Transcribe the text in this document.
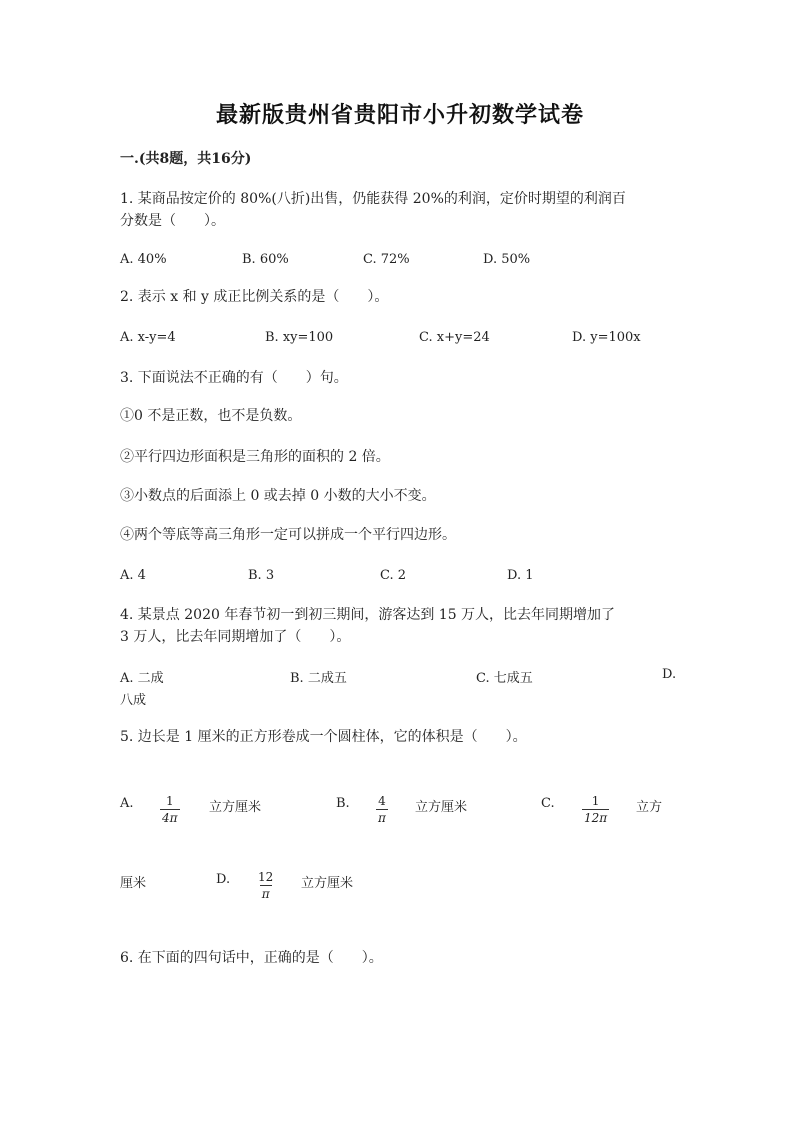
最新版贵州省贵阳市小升初数学试卷
一.(共8题，共16分)
1. 某商品按定价的 80%(八折)出售，仍能获得 20%的利润，定价时期望的利润百
分数是（　　）。
A. 40%	B. 60%	C. 72%	D. 50%
2. 表示 x 和 y 成正比例关系的是（　　）。
A. x-y=4	B. xy=100	C. x+y=24	D. y=100x
3. 下面说法不正确的有（　　）句。
①0 不是正数，也不是负数。
②平行四边形面积是三角形的面积的 2 倍。
③小数点的后面添上 0 或去掉 0 小数的大小不变。
④两个等底等高三角形一定可以拼成一个平行四边形。
A. 4	B. 3	C. 2	D. 1
4. 某景点 2020 年春节初一到初三期间，游客达到 15 万人，比去年同期增加了
3 万人，比去年同期增加了（　　）。
A. 二成	B. 二成五	C. 七成五	D.
八成
5. 边长是 1 厘米的正方形卷成一个圆柱体，它的体积是（　　）。
A. $\frac{1}{4\pi}$ 立方厘米	B. $\frac{4}{\pi}$ 立方厘米	C. $\frac{1}{12\pi}$ 立方
厘米	D. $\frac{12}{\pi}$ 立方厘米
6. 在下面的四句话中，正确的是（　　）。
